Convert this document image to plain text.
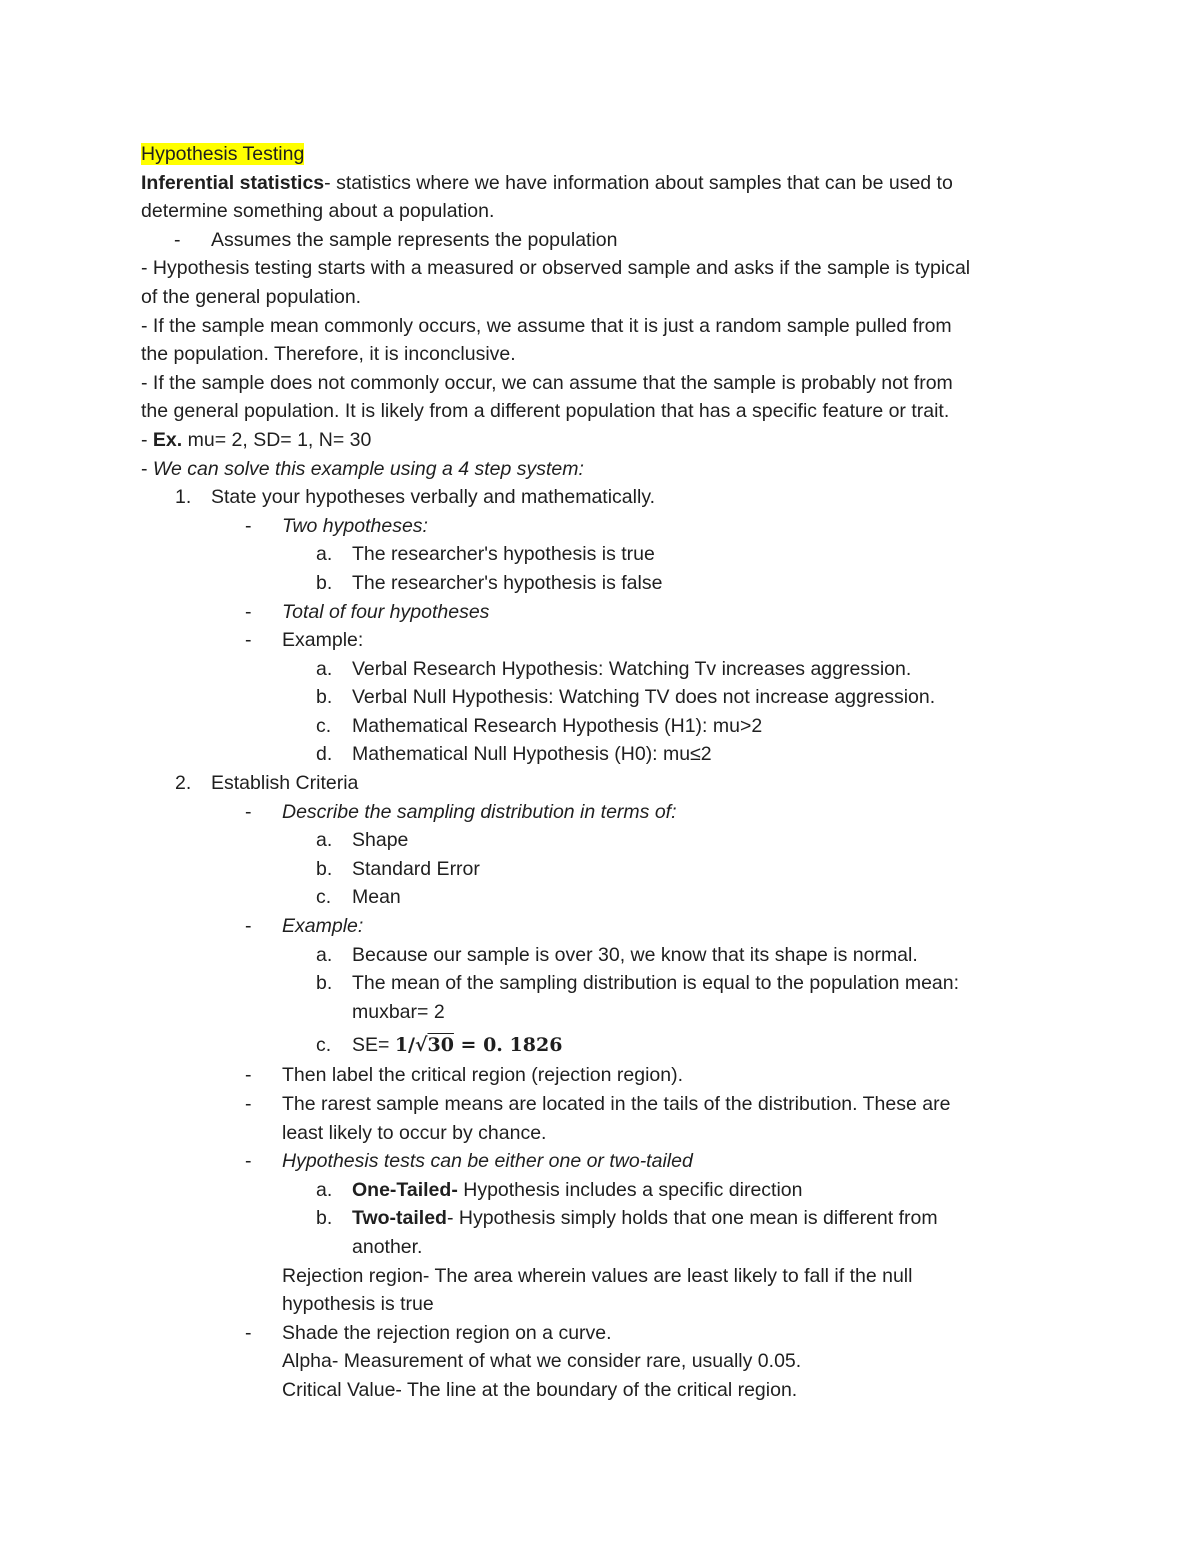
Hypothesis Testing
Inferential statistics- statistics where we have information about samples that can be used to
determine something about a population.
- Assumes the sample represents the population
- Hypothesis testing starts with a measured or observed sample and asks if the sample is typical
of the general population.
- If the sample mean commonly occurs, we assume that it is just a random sample pulled from
the population. Therefore, it is inconclusive.
- If the sample does not commonly occur, we can assume that the sample is probably not from
the general population. It is likely from a different population that has a specific feature or trait.
- Ex. mu= 2, SD= 1, N= 30
- We can solve this example using a 4 step system:
1. State your hypotheses verbally and mathematically.
- Two hypotheses:
a. The researcher's hypothesis is true
b. The researcher's hypothesis is false
- Total of four hypotheses
- Example:
a. Verbal Research Hypothesis: Watching Tv increases aggression.
b. Verbal Null Hypothesis: Watching TV does not increase aggression.
c. Mathematical Research Hypothesis (H1): mu>2
d. Mathematical Null Hypothesis (H0): mu≤2
2. Establish Criteria
- Describe the sampling distribution in terms of:
a. Shape
b. Standard Error
c. Mean
- Example:
a. Because our sample is over 30, we know that its shape is normal.
b. The mean of the sampling distribution is equal to the population mean:
muxbar= 2
c. SE= 1/√30 = 0. 1826
- Then label the critical region (rejection region).
- The rarest sample means are located in the tails of the distribution. These are
least likely to occur by chance.
- Hypothesis tests can be either one or two-tailed
a. One-Tailed- Hypothesis includes a specific direction
b. Two-tailed- Hypothesis simply holds that one mean is different from
another.
Rejection region- The area wherein values are least likely to fall if the null
hypothesis is true
- Shade the rejection region on a curve.
Alpha- Measurement of what we consider rare, usually 0.05.
Critical Value- The line at the boundary of the critical region.
